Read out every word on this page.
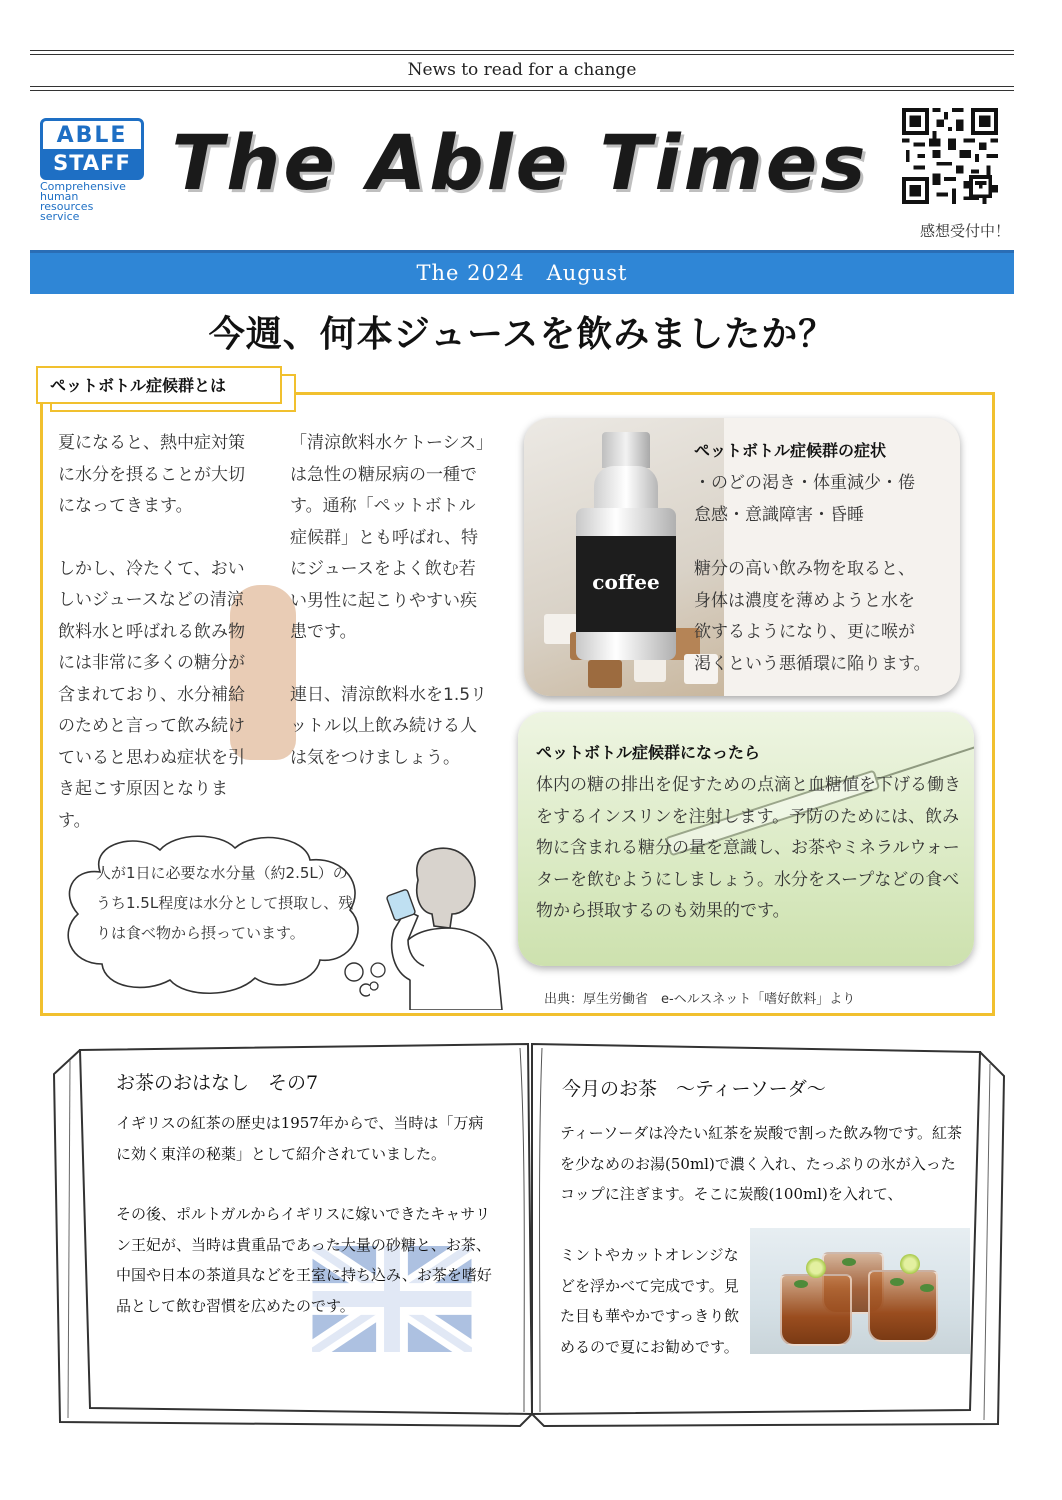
News to read for a change
ABLE
STAFF
Comprehensive
human
resources
service
The Able Times
感想受付中！
The 2024　August
今週、何本ジュースを飲みましたか？
ペットボトル症候群とは

夏になると、熱中症対策に水分を摂ることが大切になってきます。

しかし、冷たくて、おいしいジュースなどの清涼飲料水と呼ばれる飲み物には非常に多くの糖分が含まれており、水分補給のためと言って飲み続けていると思わぬ症状を引き起こす原因となります。

「清涼飲料水ケトーシス」は急性の糖尿病の一種です。通称「ペットボトル症候群」とも呼ばれ、特にジュースをよく飲む若い男性に起こりやすい疾患です。

連日、清涼飲料水を1.5リットル以上飲み続ける人は気をつけましょう。

coffee
ペットボトル症候群の症状
・のどの渇き・体重減少・倦
怠感・意識障害・昏睡
糖分の高い飲み物を取ると、
身体は濃度を薄めようと水を
欲するようになり、更に喉が
渇くという悪循環に陥ります。
ペットボトル症候群になったら
体内の糖の排出を促すための点滴と血糖値を下げる働きをするインスリンを注射します。予防のためには、飲み物に含まれる糖分の量を意識し、お茶やミネラルウォーターを飲むようにしましょう。水分をスープなどの食べ物から摂取するのも効果的です。
出典：厚生労働省　e-ヘルスネット「嗜好飲料」より
人が1日に必要な水分量（約2.5L）のうち1.5L程度は水分として摂取し、残りは食べ物から摂っています。
お茶のおはなし　その7

イギリスの紅茶の歴史は1957年からで、当時は「万病に効く東洋の秘薬」として紹介されていました。

その後、ポルトガルからイギリスに嫁いできたキャサリン王妃が、当時は貴重品であった大量の砂糖と、お茶、中国や日本の茶道具などを王室に持ち込み、お茶を嗜好品として飲む習慣を広めたのです。

今月のお茶　～ティーソーダ～
ティーソーダは冷たい紅茶を炭酸で割った飲み物です。紅茶を少なめのお湯(50ml)で濃く入れ、たっぷりの氷が入ったコップに注ぎます。そこに炭酸(100ml)を入れて、
ミントやカットオレンジなどを浮かべて完成です。見た目も華やかですっきり飲めるので夏にお勧めです。
